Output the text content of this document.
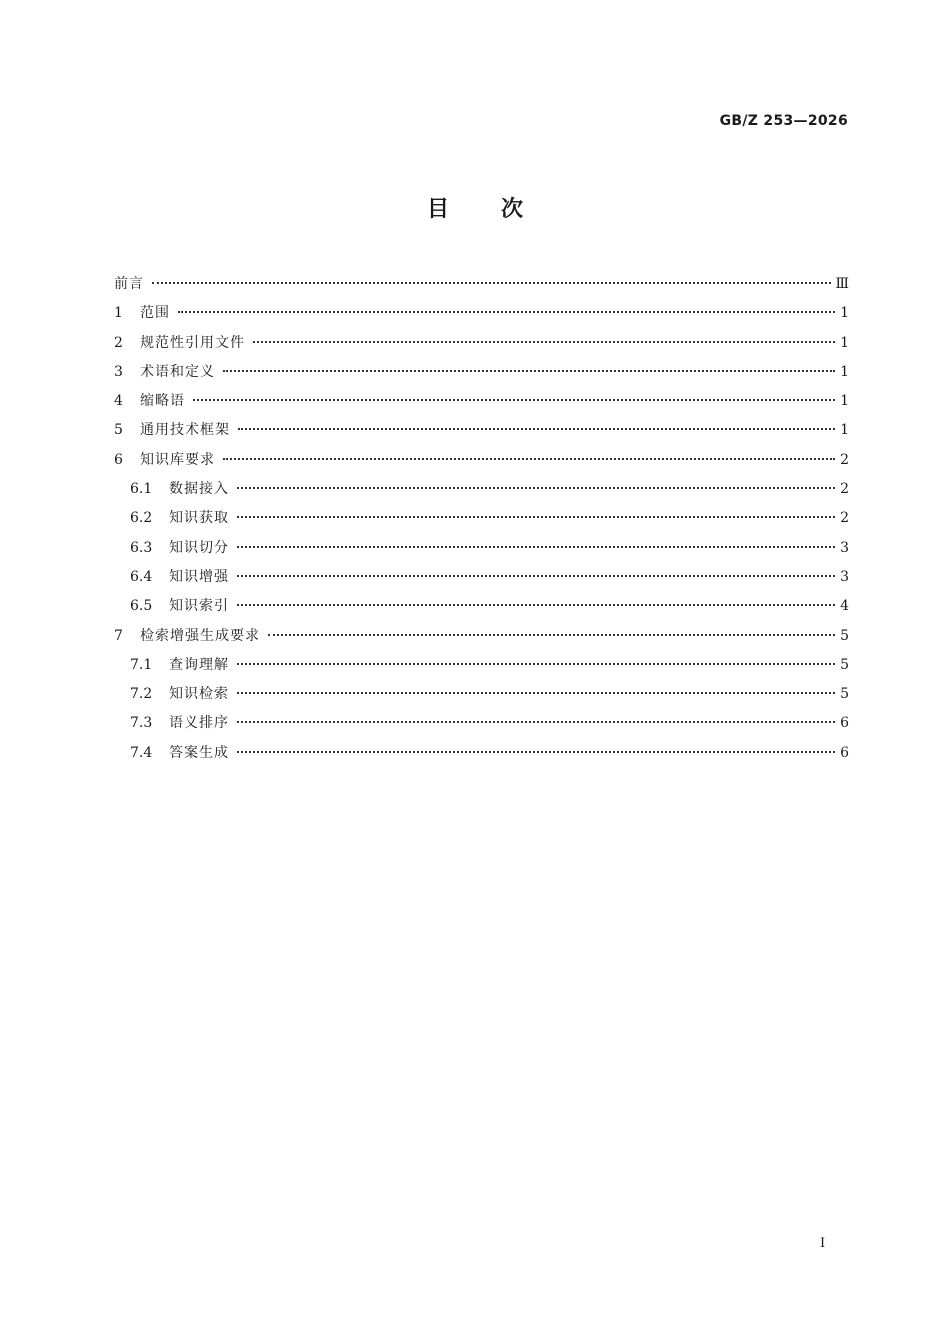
GB/Z 253—2026
目次
前言	Ⅲ
1	范围	1
2	规范性引用文件	1
3	术语和定义	1
4	缩略语	1
5	通用技术框架	1
6	知识库要求	2
6.1	数据接入	2
6.2	知识获取	2
6.3	知识切分	3
6.4	知识增强	3
6.5	知识索引	4
7	检索增强生成要求	5
7.1	查询理解	5
7.2	知识检索	5
7.3	语义排序	6
7.4	答案生成	6
Ⅰ
